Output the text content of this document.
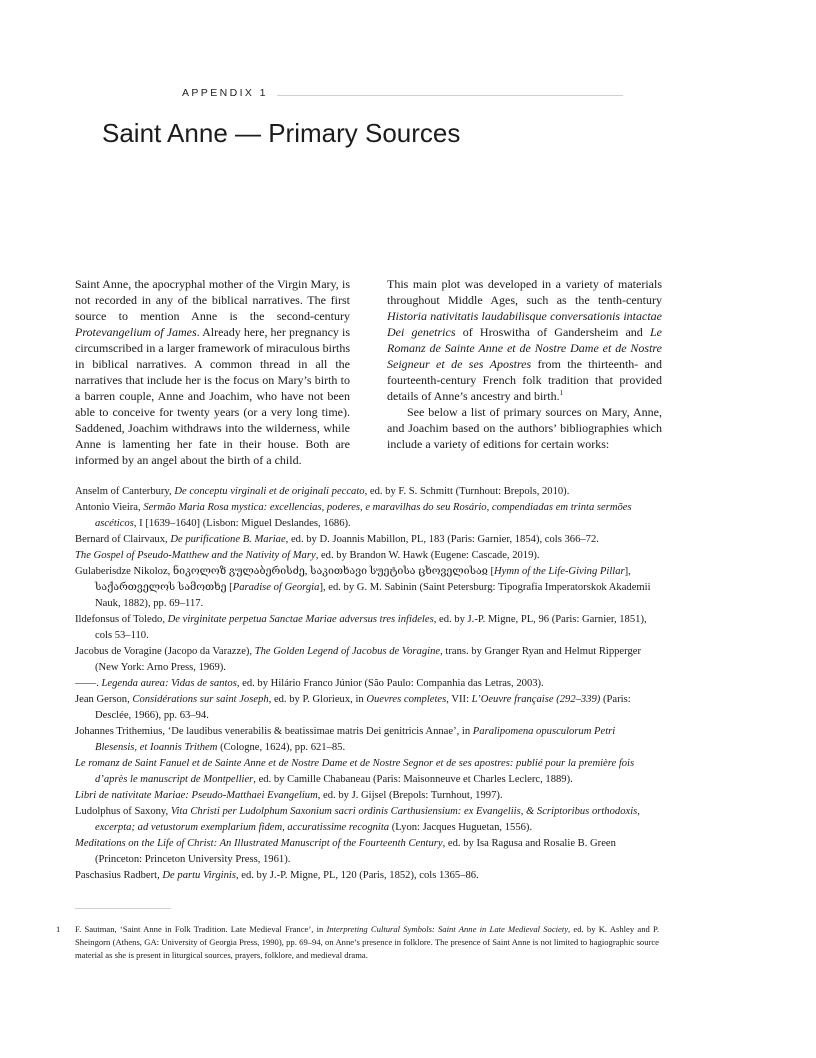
APPENDIX 1
Saint Anne — Primary Sources

Saint Anne, the apocryphal mother of the Virgin Mary, is not recorded in any of the biblical narratives. The first source to mention Anne is the second-century Protevangelium of James. Already here, her pregnancy is circumscribed in a larger framework of miraculous births in biblical narratives. A common thread in all the narratives that include her is the focus on Mary’s birth to a barren couple, Anne and Joachim, who have not been able to conceive for twenty years (or a very long time). Saddened, Joachim withdraws into the wilderness, while Anne is lamenting her fate in their house. Both are informed by an angel about the birth of a child.

This main plot was developed in a variety of materials throughout Middle Ages, such as the tenth-century Historia nativitatis laudabilisque conversationis intactae Dei genetrics of Hroswitha of Gandersheim and Le Romanz de Sainte Anne et de Nostre Dame et de Nostre Seigneur et de ses Apostres from the thirteenth- and fourteenth-century French folk tradition that provided details of Anne’s ancestry and birth.$^1$

See below a list of primary sources on Mary, Anne, and Joachim based on the authors’ bibliographies which include a variety of editions for certain works:

Anselm of Canterbury, De conceptu virginali et de originali peccato, ed. by F. S. Schmitt (Turnhout: Brepols, 2010).

Antonio Vieira, Sermão Maria Rosa mystica: excellencias, poderes, e maravilhas do seu Rosário, compendiadas em trinta sermões ascéticos, I [1639–1640] (Lisbon: Miguel Deslandes, 1686).

Bernard of Clairvaux, De purificatione B. Mariae, ed. by D. Joannis Mabillon, PL, 183 (Paris: Garnier, 1854), cols 366–72.

The Gospel of Pseudo-Matthew and the Nativity of Mary, ed. by Brandon W. Hawk (Eugene: Cascade, 2019).

Gulaberisdze Nikoloz, ნიკოლოზ გულაბერისძე, საკითხავი სუეტისა ცხოველისაჲ [Hymn of the Life-Giving Pillar], საქართველოს სამოთხე [Paradise of Georgia], ed. by G. M. Sabinin (Saint Petersburg: Tipografia Imperatorskok Akademii Nauk, 1882), pp. 69–117.

Ildefonsus of Toledo, De virginitate perpetua Sanctae Mariae adversus tres infideles, ed. by J.-P. Migne, PL, 96 (Paris: Garnier, 1851), cols 53–110.

Jacobus de Voragine (Jacopo da Varazze), The Golden Legend of Jacobus de Voragine, trans. by Granger Ryan and Helmut Ripperger (New York: Arno Press, 1969).

——. Legenda aurea: Vidas de santos, ed. by Hilário Franco Júnior (São Paulo: Companhia das Letras, 2003).

Jean Gerson, Considérations sur saint Joseph, ed. by P. Glorieux, in Ouevres completes, VII: L’Oeuvre française (292–339) (Paris: Desclée, 1966), pp. 63–94.

Johannes Trithemius, ‘De laudibus venerabilis & beatissimae matris Dei genitricis Annae’, in Paralipomena opusculorum Petri Blesensis, et Ioannis Trithem (Cologne, 1624), pp. 621–85.

Le romanz de Saint Fanuel et de Sainte Anne et de Nostre Dame et de Nostre Segnor et de ses apostres: publié pour la première fois d’après le manuscript de Montpellier, ed. by Camille Chabaneau (Paris: Maisonneuve et Charles Leclerc, 1889).

Libri de nativitate Mariae: Pseudo-Matthaei Evangelium, ed. by J. Gijsel (Brepols: Turnhout, 1997).

Ludolphus of Saxony, Vita Christi per Ludolphum Saxonium sacri ordinis Carthusiensium: ex Evangeliis, & Scriptoribus orthodoxis, excerpta; ad vetustorum exemplarium fidem, accuratissime recognita (Lyon: Jacques Huguetan, 1556).

Meditations on the Life of Christ: An Illustrated Manuscript of the Fourteenth Century, ed. by Isa Ragusa and Rosalie B. Green (Princeton: Princeton University Press, 1961).

Paschasius Radbert, De partu Virginis, ed. by J.-P. Migne, PL, 120 (Paris, 1852), cols 1365–86.

1 F. Sautman, ‘Saint Anne in Folk Tradition. Late Medieval France’, in Interpreting Cultural Symbols: Saint Anne in Late Medieval Society, ed. by K. Ashley and P. Sheingorn (Athens, GA: University of Georgia Press, 1990), pp. 69–94, on Anne’s presence in folklore. The presence of Saint Anne is not limited to hagiographic source material as she is present in liturgical sources, prayers, folklore, and medieval drama.
